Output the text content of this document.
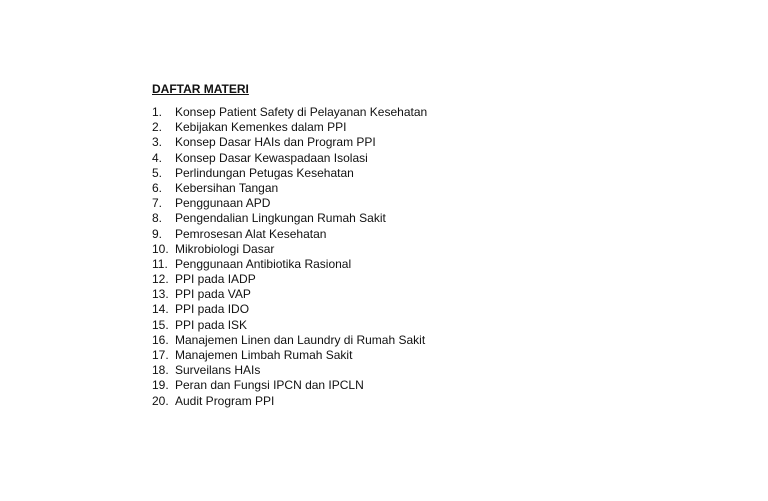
DAFTAR MATERI
1.	Konsep Patient Safety di Pelayanan Kesehatan
2.	Kebijakan Kemenkes dalam PPI
3.	Konsep Dasar HAIs dan Program PPI
4.	Konsep Dasar Kewaspadaan Isolasi
5.	Perlindungan Petugas Kesehatan
6.	Kebersihan Tangan
7.	Penggunaan APD
8.	Pengendalian Lingkungan Rumah Sakit
9.	Pemrosesan Alat Kesehatan
10. Mikrobiologi Dasar
11. Penggunaan Antibiotika Rasional
12. PPI pada IADP
13. PPI pada VAP
14. PPI pada IDO
15. PPI pada ISK
16. Manajemen Linen dan Laundry di Rumah Sakit
17. Manajemen Limbah Rumah Sakit
18. Surveilans HAIs
19. Peran dan Fungsi IPCN dan IPCLN
20. Audit Program PPI
